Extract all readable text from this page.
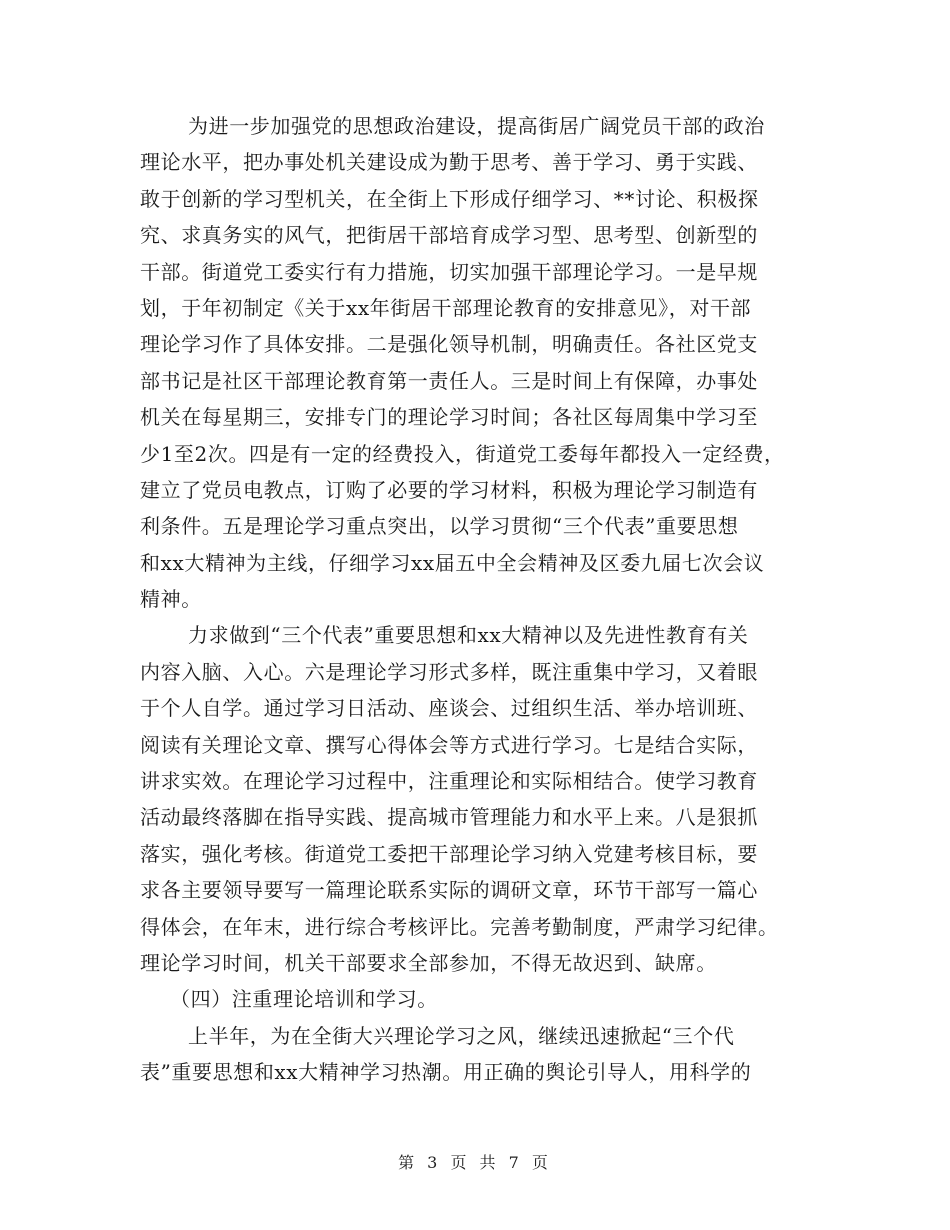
为进一步加强党的思想政治建设，提高街居广阔党员干部的政治
理论水平，把办事处机关建设成为勤于思考、善于学习、勇于实践、
敢于创新的学习型机关，在全街上下形成仔细学习、**讨论、积极探
究、求真务实的风气，把街居干部培育成学习型、思考型、创新型的
干部。街道党工委实行有力措施，切实加强干部理论学习。一是早规
划，于年初制定《关于xx年街居干部理论教育的安排意见》，对干部
理论学习作了具体安排。二是强化领导机制，明确责任。各社区党支
部书记是社区干部理论教育第一责任人。三是时间上有保障，办事处
机关在每星期三，安排专门的理论学习时间；各社区每周集中学习至
少1至2次。四是有一定的经费投入，街道党工委每年都投入一定经费，
建立了党员电教点，订购了必要的学习材料，积极为理论学习制造有
利条件。五是理论学习重点突出，以学习贯彻“三个代表”重要思想
和xx大精神为主线，仔细学习xx届五中全会精神及区委九届七次会议
精神。
力求做到“三个代表”重要思想和xx大精神以及先进性教育有关
内容入脑、入心。六是理论学习形式多样，既注重集中学习，又着眼
于个人自学。通过学习日活动、座谈会、过组织生活、举办培训班、
阅读有关理论文章、撰写心得体会等方式进行学习。七是结合实际，
讲求实效。在理论学习过程中，注重理论和实际相结合。使学习教育
活动最终落脚在指导实践、提高城市管理能力和水平上来。八是狠抓
落实，强化考核。街道党工委把干部理论学习纳入党建考核目标，要
求各主要领导要写一篇理论联系实际的调研文章，环节干部写一篇心
得体会，在年末，进行综合考核评比。完善考勤制度，严肃学习纪律。
理论学习时间，机关干部要求全部参加，不得无故迟到、缺席。
（四）注重理论培训和学习。
上半年，为在全街大兴理论学习之风，继续迅速掀起“三个代
表”重要思想和xx大精神学习热潮。用正确的舆论引导人，用科学的
第 3 页 共 7 页
